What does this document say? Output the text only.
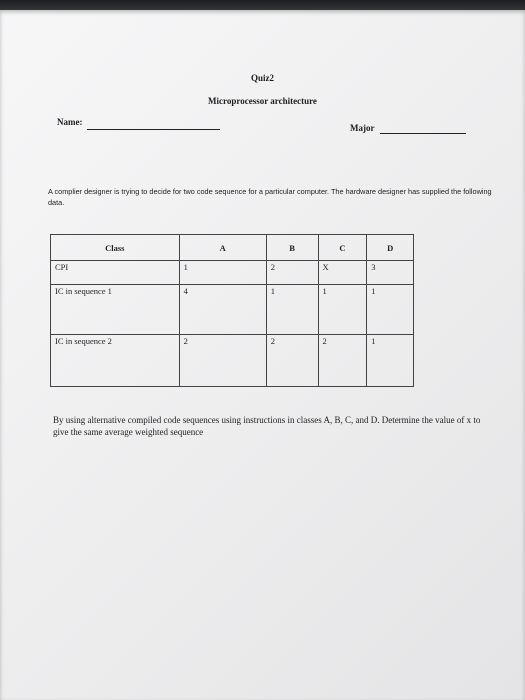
Quiz2
Microprocessor architecture
Name:
Major
A complier designer is trying to decide for two code sequence for a particular computer. The hardware designer has supplied the following data.
Class	A	B	C	D
CPI	1	2	X	3
IC in sequence 1	4	1	1	1
IC in sequence 2	2	2	2	1
By using alternative compiled code sequences using instructions in classes A, B, C, and D. Determine the value of x to give the same average weighted sequence
